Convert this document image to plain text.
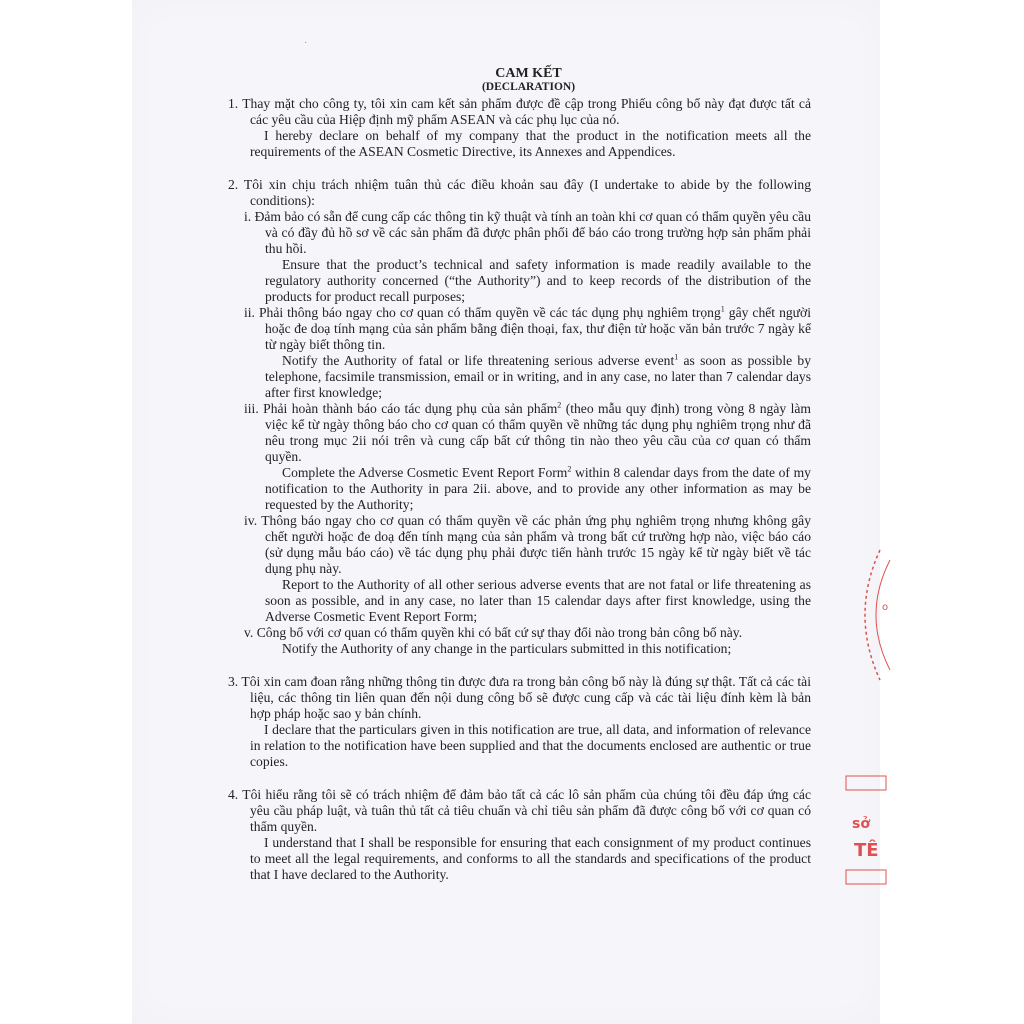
·
o
sở
TÊ
CAM KẾT
(DECLARATION)

1. Thay mặt cho công ty, tôi xin cam kết sản phẩm được đề cập trong Phiếu công bố này đạt được tất cả các yêu cầu của Hiệp định mỹ phẩm ASEAN và các phụ lục của nó.

I hereby declare on behalf of my company that the product in the notification meets all the requirements of the ASEAN Cosmetic Directive, its Annexes and Appendices.

2. Tôi xin chịu trách nhiệm tuân thủ các điều khoản sau đây (I undertake to abide by the following conditions):

i. Đảm bảo có sẵn để cung cấp các thông tin kỹ thuật và tính an toàn khi cơ quan có thẩm quyền yêu cầu và có đầy đủ hồ sơ về các sản phẩm đã được phân phối để báo cáo trong trường hợp sản phẩm phải thu hồi.

Ensure that the product’s technical and safety information is made readily available to the regulatory authority concerned (“the Authority”) and to keep records of the distribution of the products for product recall purposes;

ii. Phải thông báo ngay cho cơ quan có thẩm quyền về các tác dụng phụ nghiêm trọng$^1$ gây chết người hoặc đe doạ tính mạng của sản phẩm bằng điện thoại, fax, thư điện tử hoặc văn bản trước 7 ngày kể từ ngày biết thông tin.

Notify the Authority of fatal or life threatening serious adverse event$^1$ as soon as possible by telephone, facsimile transmission, email or in writing, and in any case, no later than 7 calendar days after first knowledge;

iii. Phải hoàn thành báo cáo tác dụng phụ của sản phẩm$^2$ (theo mẫu quy định) trong vòng 8 ngày làm việc kể từ ngày thông báo cho cơ quan có thẩm quyền về những tác dụng phụ nghiêm trọng như đã nêu trong mục 2ii nói trên và cung cấp bất cứ thông tin nào theo yêu cầu của cơ quan có thẩm quyền.

Complete the Adverse Cosmetic Event Report Form$^2$ within 8 calendar days from the date of my notification to the Authority in para 2ii. above, and to provide any other information as may be requested by the Authority;

iv. Thông báo ngay cho cơ quan có thẩm quyền về các phản ứng phụ nghiêm trọng nhưng không gây chết người hoặc đe doạ đến tính mạng của sản phẩm và trong bất cứ trường hợp nào, việc báo cáo (sử dụng mẫu báo cáo) về tác dụng phụ phải được tiến hành trước 15 ngày kể từ ngày biết về tác dụng phụ này.

Report to the Authority of all other serious adverse events that are not fatal or life threatening as soon as possible, and in any case, no later than 15 calendar days after first knowledge, using the Adverse Cosmetic Event Report Form;

v. Công bố với cơ quan có thẩm quyền khi có bất cứ sự thay đổi nào trong bản công bố này.

Notify the Authority of any change in the particulars submitted in this notification;

3. Tôi xin cam đoan rằng những thông tin được đưa ra trong bản công bố này là đúng sự thật. Tất cả các tài liệu, các thông tin liên quan đến nội dung công bố sẽ được cung cấp và các tài liệu đính kèm là bản hợp pháp hoặc sao y bản chính.

I declare that the particulars given in this notification are true, all data, and information of relevance in relation to the notification have been supplied and that the documents enclosed are authentic or true copies.

4. Tôi hiểu rằng tôi sẽ có trách nhiệm để đảm bảo tất cả các lô sản phẩm của chúng tôi đều đáp ứng các yêu cầu pháp luật, và tuân thủ tất cả tiêu chuẩn và chỉ tiêu sản phẩm đã được công bố với cơ quan có thẩm quyền.

I understand that I shall be responsible for ensuring that each consignment of my product continues to meet all the legal requirements, and conforms to all the standards and specifications of the product that I have declared to the Authority.
